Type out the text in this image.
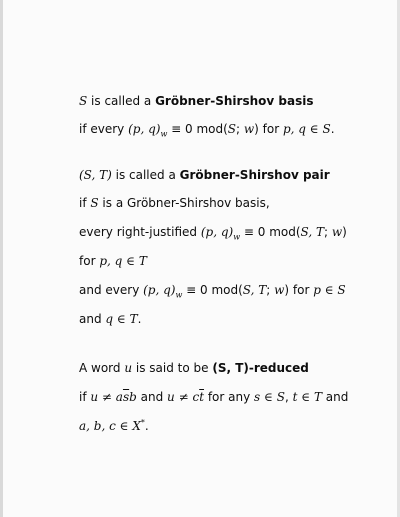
S is called a Gröbner-Shirshov basis
if every (p, $q)_w \equiv 0$ mod(S; w) for p, q ∈ S.
(S, T) is called a Gröbner-Shirshov pair
if S is a Gröbner-Shirshov basis,
every right-justified (p, $q)_w \equiv 0$ mod(S, T; w)
for p, q ∈ T
and every (p, $q)_w \equiv 0$ mod(S, T; w) for p ∈ S
and q ∈ T.
A word u is said to be (S, T)-reduced
if $u \ne a\overline{s}b$ and $u \ne c\overline{t}$ for any s ∈ S, t ∈ T and
a, b, c ∈ X*.
